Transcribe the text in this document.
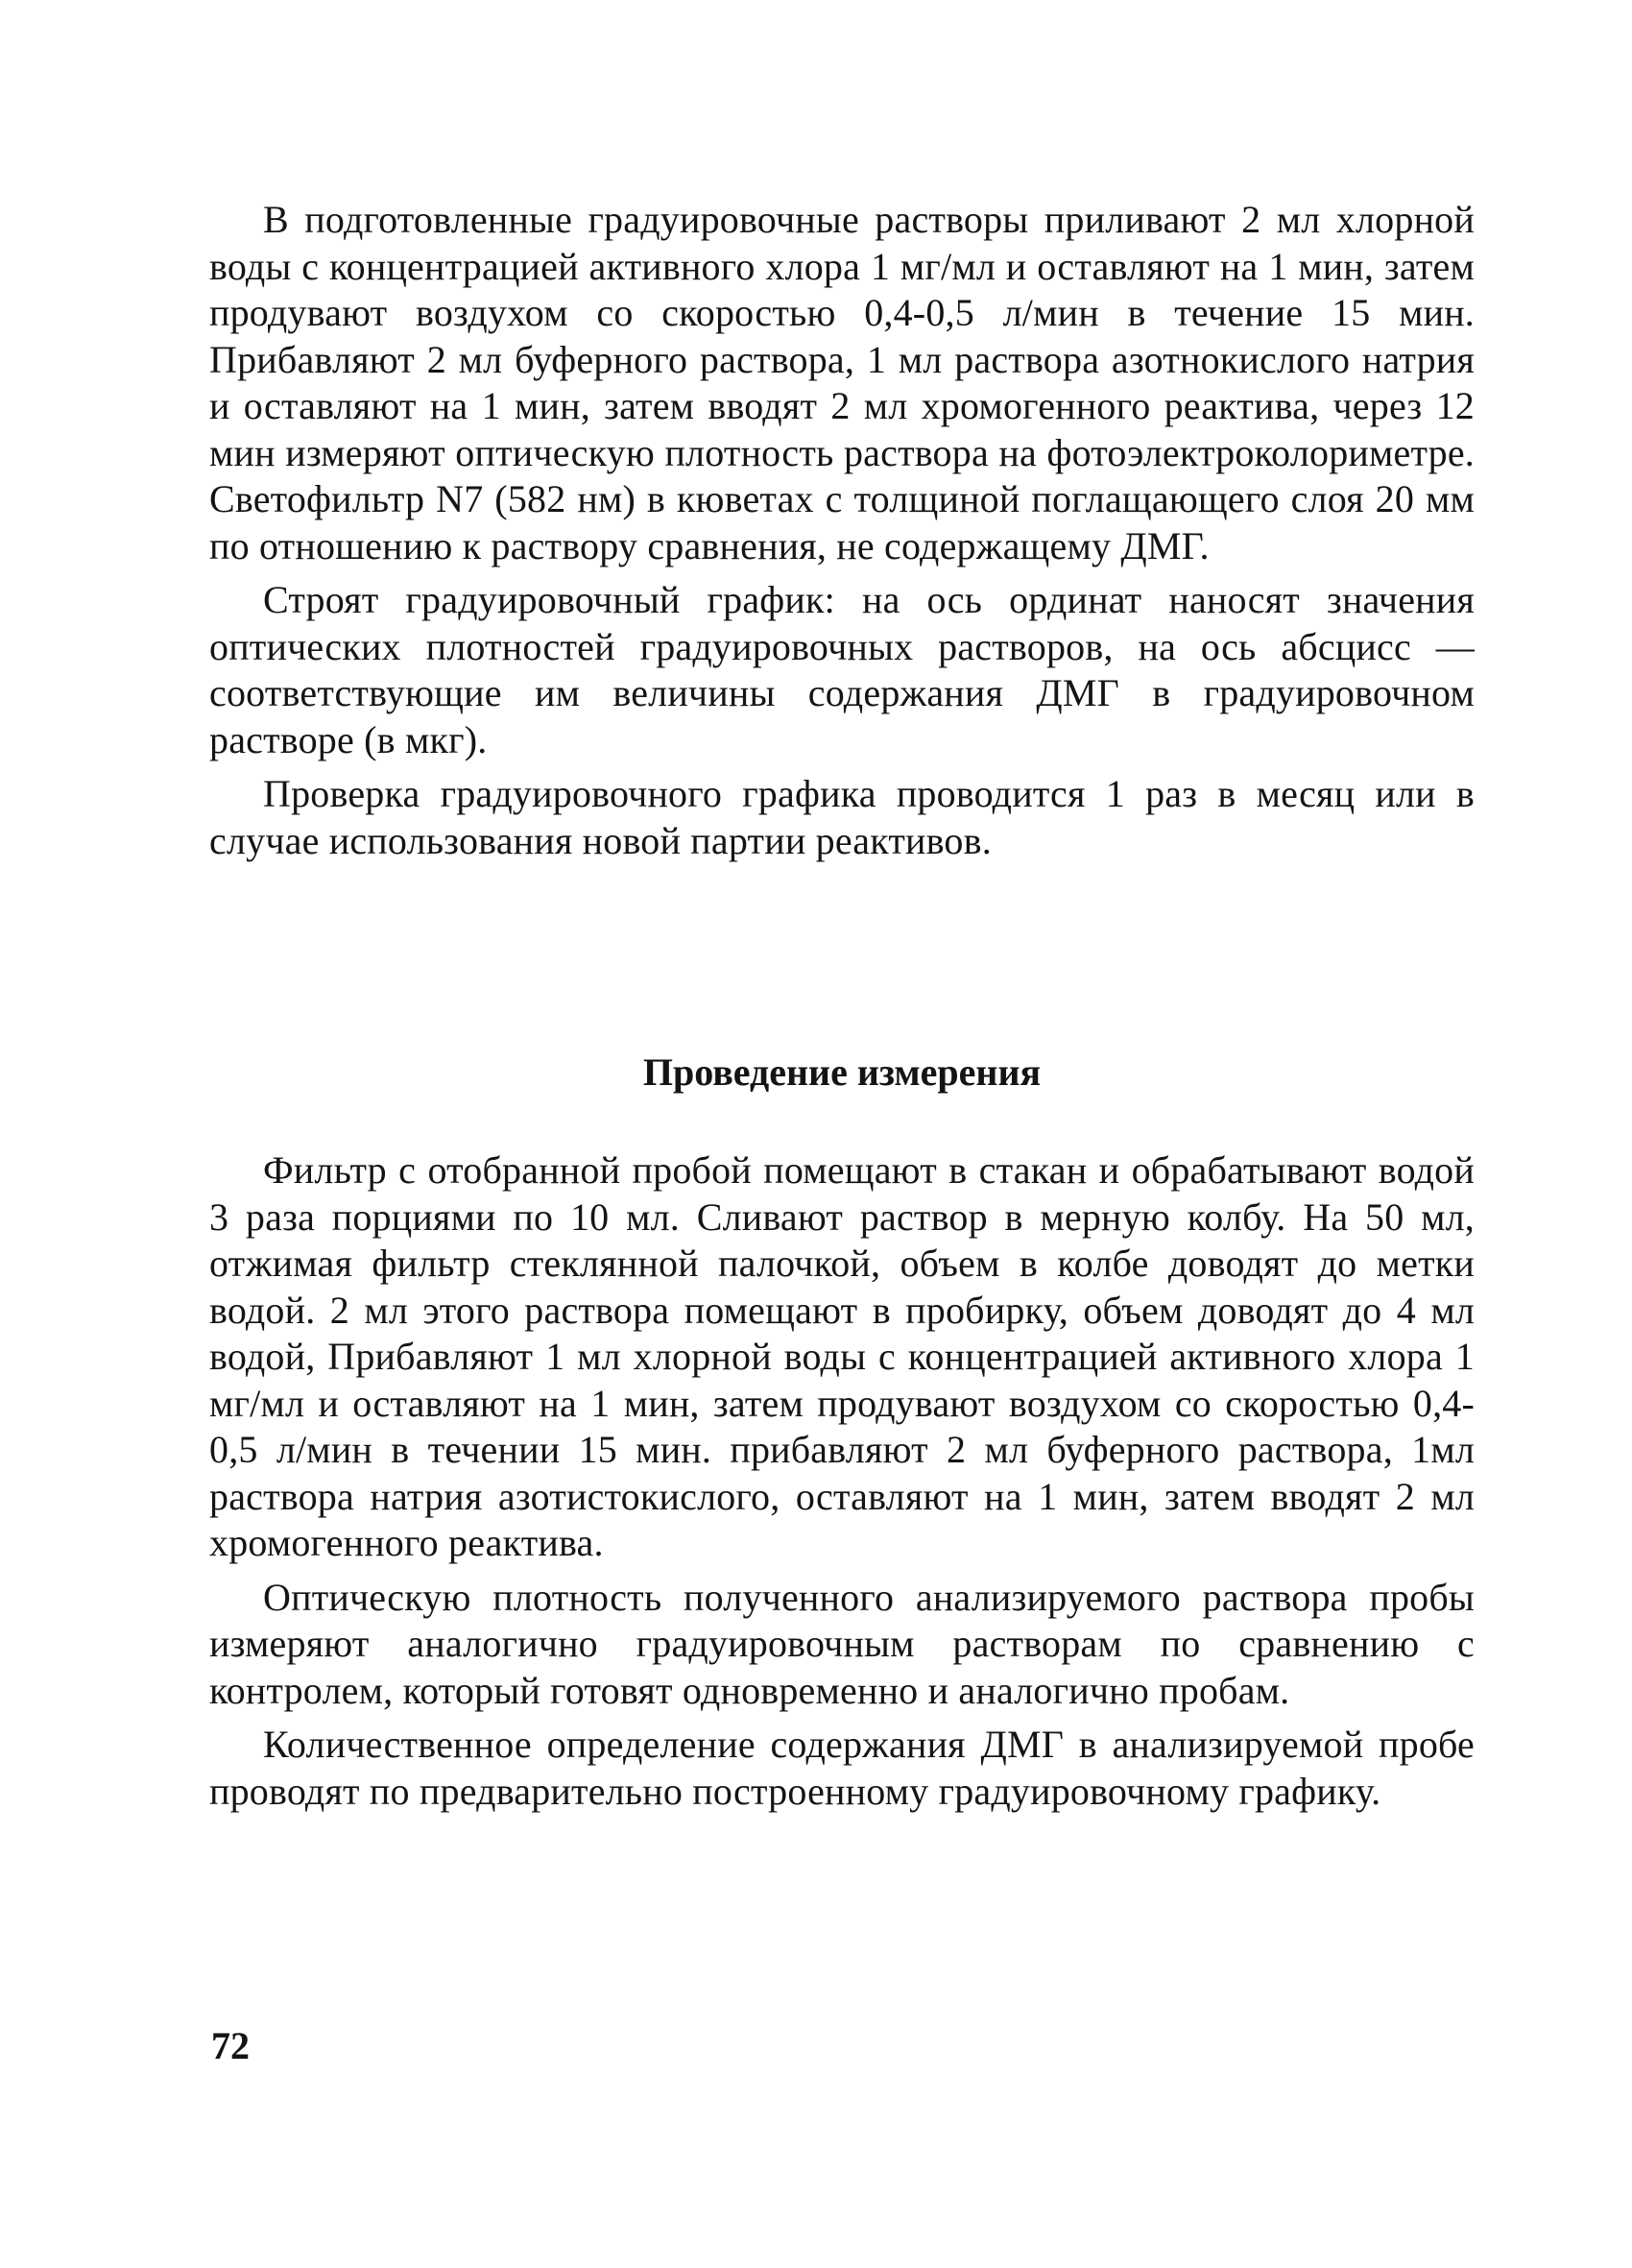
В подготовленные градуировочные растворы приливают 2 мл хлорной воды с концентрацией активного хлора 1 мг/мл и оставляют на 1 мин, затем продувают воздухом со скоростью 0,4-0,5 л/мин в течение 15 мин. Прибавляют 2 мл буферного раствора, 1 мл раствора азотнокислого натрия и оставляют на 1 мин, затем вводят 2 мл хромогенного реактива, через 12 мин измеряют оптическую плотность раствора на фотоэлектроколориметре. Светофильтр N7 (582 нм) в кюветах с толщиной поглащающего слоя 20 мм по отношению к раствору сравнения, не содержащему ДМГ.

Строят градуировочный график: на ось ординат наносят значения оптических плотностей градуировочных растворов, на ось абсцисс — соответствующие им величины содержания ДМГ в градуировочном растворе (в мкг).

Проверка градуировочного графика проводится 1 раз в месяц или в случае использования новой партии реактивов.

Проведение измерения

Фильтр с отобранной пробой помещают в стакан и обрабатывают водой 3 раза порциями по 10 мл. Сливают раствор в мерную колбу. На 50 мл, отжимая фильтр стеклянной палочкой, объем в колбе доводят до метки водой. 2 мл этого раствора помещают в пробирку, объем доводят до 4 мл водой, Прибавляют 1 мл хлорной воды с концентрацией активного хлора 1 мг/мл и оставляют на 1 мин, затем продувают воздухом со скоростью 0,4-0,5 л/мин в течении 15 мин. прибавляют 2 мл буферного раствора, 1мл раствора натрия азотистокислого, оставляют на 1 мин, затем вводят 2 мл хромогенного реактива.

Оптическую плотность полученного анализируемого раствора пробы измеряют аналогично градуировочным растворам по сравнению с контролем, который готовят одновременно и аналогично пробам.

Количественное определение содержания ДМГ в анализируемой пробе проводят по предварительно построенному градуировочному графику.

72
